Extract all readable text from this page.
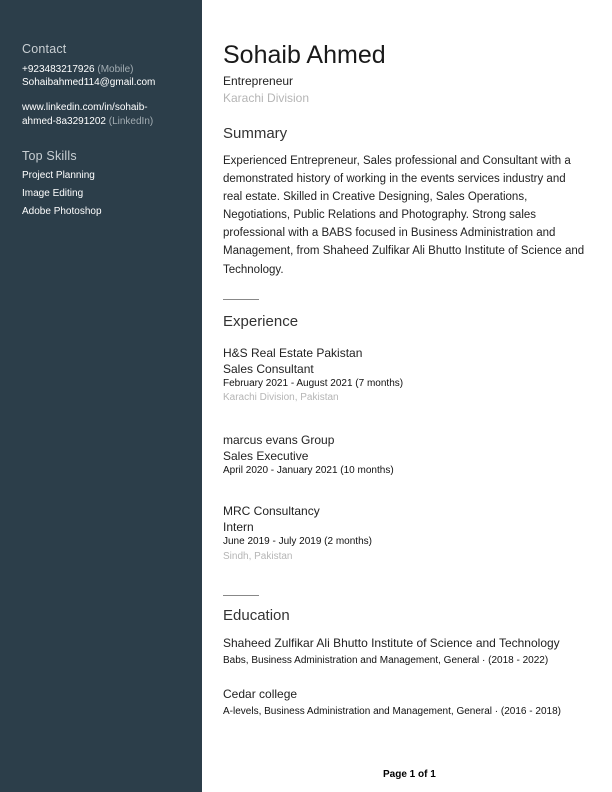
Contact
+923483217926 (Mobile)
Sohaibahmed114@gmail.com
www.linkedin.com/in/sohaib-
ahmed-8a3291202 (LinkedIn)
Top Skills
Project Planning
Image Editing
Adobe Photoshop
Sohaib Ahmed
Entrepreneur
Karachi Division
Summary
Experienced Entrepreneur, Sales professional and Consultant with a demonstrated history of working in the events services industry and real estate. Skilled in Creative Designing, Sales Operations, Negotiations, Public Relations and Photography. Strong sales professional with a BABS focused in Business Administration and Management, from Shaheed Zulfikar Ali Bhutto Institute of Science and Technology.
Experience
H&S Real Estate Pakistan
Sales Consultant
February 2021 - August 2021 (7 months)
Karachi Division, Pakistan
marcus evans Group
Sales Executive
April 2020 - January 2021 (10 months)
MRC Consultancy
Intern
June 2019 - July 2019 (2 months)
Sindh, Pakistan
Education
Shaheed Zulfikar Ali Bhutto Institute of Science and Technology
Babs, Business Administration and Management, General · (2018 - 2022)
Cedar college
A-levels, Business Administration and Management, General · (2016 - 2018)
Page 1 of 1
